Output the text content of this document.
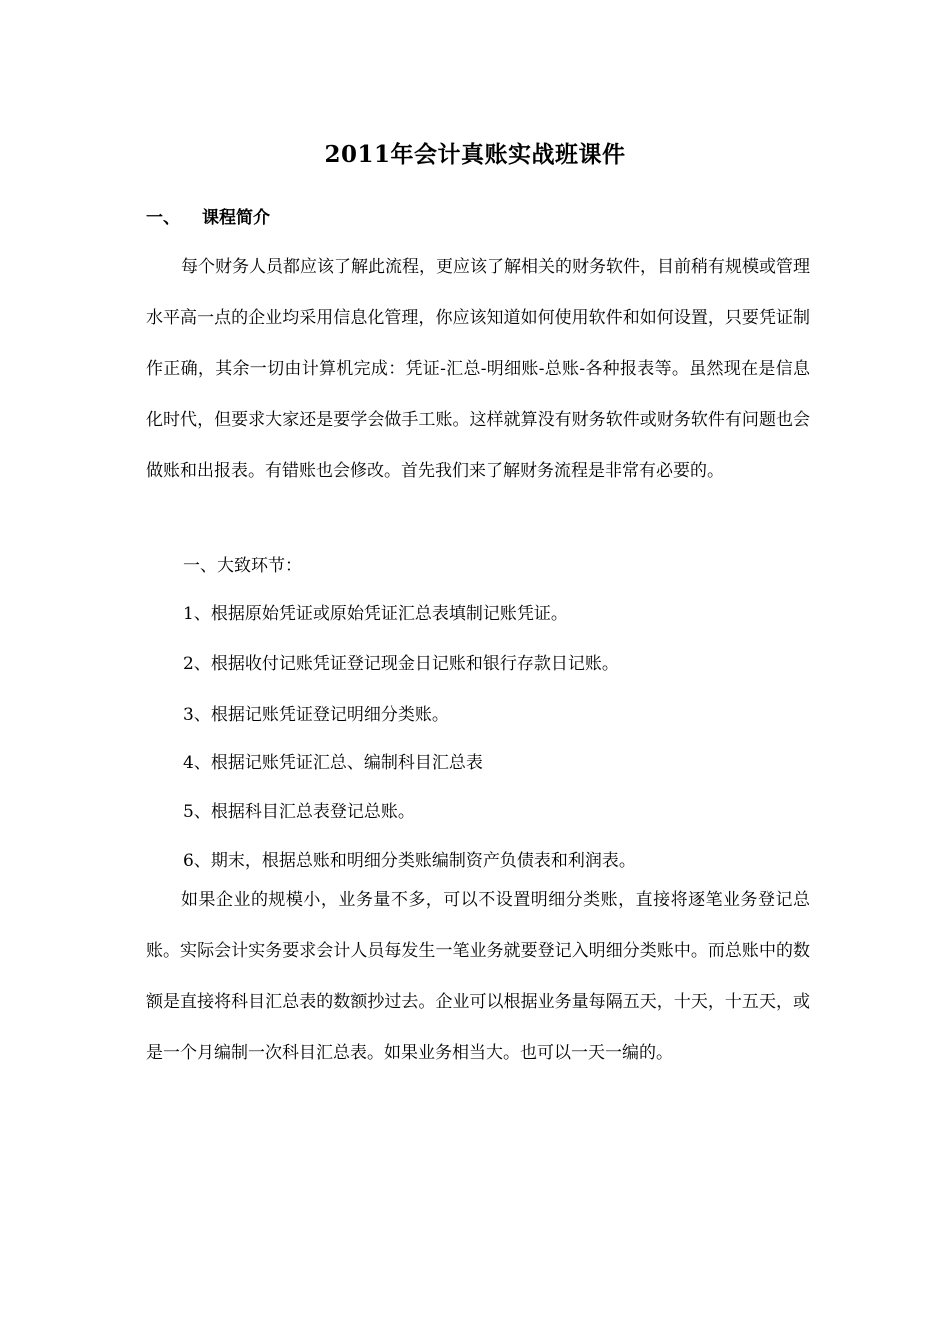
2011年会计真账实战班课件
一、 课程简介

每个财务人员都应该了解此流程，更应该了解相关的财务软件，目前稍有规模或管理水平高一点的企业均采用信息化管理，你应该知道如何使用软件和如何设置，只要凭证制作正确，其余一切由计算机完成：凭证-汇总-明细账-总账-各种报表等。虽然现在是信息化时代，但要求大家还是要学会做手工账。这样就算没有财务软件或财务软件有问题也会做账和出报表。有错账也会修改。首先我们来了解财务流程是非常有必要的。

一、大致环节：
1、根据原始凭证或原始凭证汇总表填制记账凭证。
2、根据收付记账凭证登记现金日记账和银行存款日记账。
3、根据记账凭证登记明细分类账。
4、根据记账凭证汇总、编制科目汇总表
5、根据科目汇总表登记总账。
6、期末，根据总账和明细分类账编制资产负债表和利润表。

如果企业的规模小，业务量不多，可以不设置明细分类账，直接将逐笔业务登记总账。实际会计实务要求会计人员每发生一笔业务就要登记入明细分类账中。而总账中的数额是直接将科目汇总表的数额抄过去。企业可以根据业务量每隔五天，十天，十五天，或是一个月编制一次科目汇总表。如果业务相当大。也可以一天一编的。
